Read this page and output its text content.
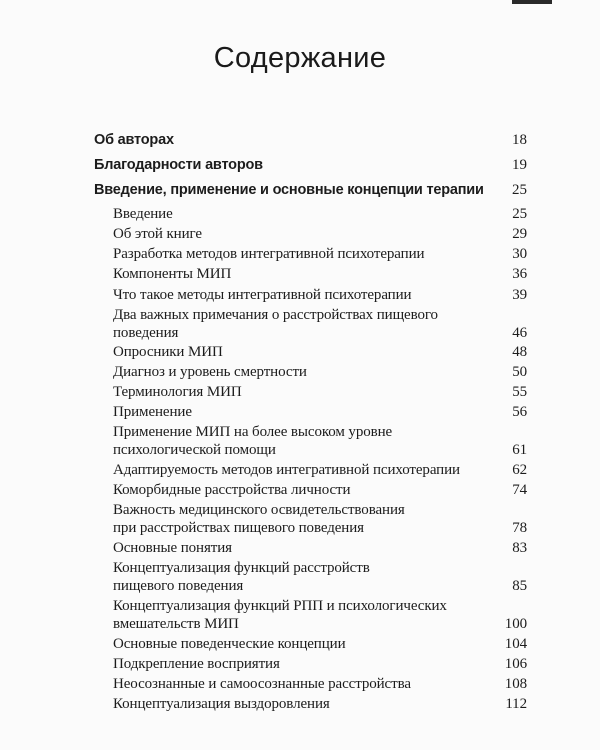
Содержание
Об авторах	18
Благодарности авторов	19
Введение, применение и основные концепции терапии	25
Введение	25
Об этой книге	29
Разработка методов интегративной психотерапии	30
Компоненты МИП	36
Что такое методы интегративной психотерапии	39
Два важных примечания о расстройствах пищевого
поведения	46
Опросники МИП	48
Диагноз и уровень смертности	50
Терминология МИП	55
Применение	56
Применение МИП на более высоком уровне
психологической помощи	61
Адаптируемость методов интегративной психотерапии	62
Коморбидные расстройства личности	74
Важность медицинского освидетельствования
при расстройствах пищевого поведения	78
Основные понятия	83
Концептуализация функций расстройств
пищевого поведения	85
Концептуализация функций РПП и психологических
вмешательств МИП	100
Основные поведенческие концепции	104
Подкрепление восприятия	106
Неосознанные и самоосознанные расстройства	108
Концептуализация выздоровления	112
